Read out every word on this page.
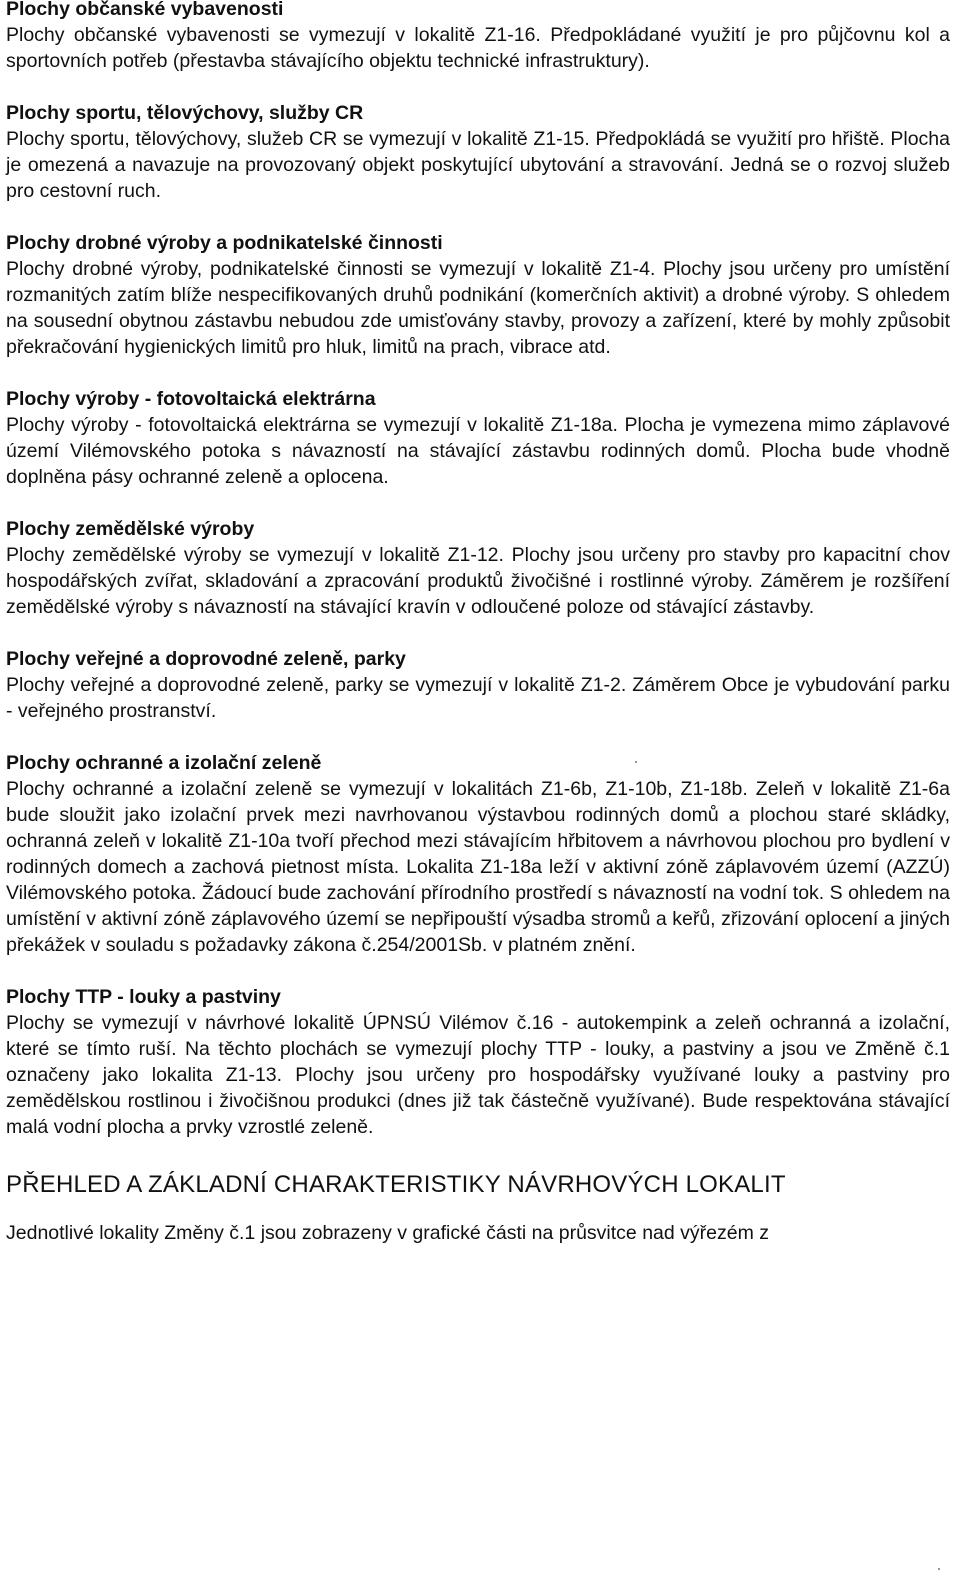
Plochy občanské vybavenosti

Plochy občanské vybavenosti se vymezují v lokalitě Z1-16. Předpokládané využití je pro půjčovnu kol a sportovních potřeb (přestavba stávajícího objektu technické infrastruktury).

Plochy sportu, tělovýchovy, služby CR

Plochy sportu, tělovýchovy, služeb CR se vymezují v lokalitě Z1-15. Předpokládá se využití pro hřiště. Plocha je omezená a navazuje na provozovaný objekt poskytující ubytování a stravování. Jedná se o rozvoj služeb pro cestovní ruch.

Plochy drobné výroby a podnikatelské činnosti

Plochy drobné výroby, podnikatelské činnosti se vymezují v lokalitě Z1-4. Plochy jsou určeny pro umístění rozmanitých zatím blíže nespecifikovaných druhů podnikání (komerčních aktivit) a drobné výroby. S ohledem na sousední obytnou zástavbu nebudou zde umisťovány stavby, provozy a zařízení, které by mohly způsobit překračování hygienických limitů pro hluk, limitů na prach, vibrace atd.

Plochy výroby - fotovoltaická elektrárna

Plochy výroby - fotovoltaická elektrárna se vymezují v lokalitě Z1-18a. Plocha je vymezena mimo záplavové území Vilémovského potoka s návazností na stávající zástavbu rodinných domů. Plocha bude vhodně doplněna pásy ochranné zeleně a oplocena.

Plochy zemědělské výroby

Plochy zemědělské výroby se vymezují v lokalitě Z1-12. Plochy jsou určeny pro stavby pro kapacitní chov hospodářských zvířat, skladování a zpracování produktů živočišné i rostlinné výroby. Záměrem je rozšíření zemědělské výroby s návazností na stávající kravín v odloučené poloze od stávající zástavby.

Plochy veřejné a doprovodné zeleně, parky

Plochy veřejné a doprovodné zeleně, parky se vymezují v lokalitě Z1-2. Záměrem Obce je vybudování parku - veřejného prostranství.

Plochy ochranné a izolační zeleně

Plochy ochranné a izolační zeleně se vymezují v lokalitách Z1-6b, Z1-10b, Z1-18b. Zeleň v lokalitě Z1-6a bude sloužit jako izolační prvek mezi navrhovanou výstavbou rodinných domů a plochou staré skládky, ochranná zeleň v lokalitě Z1-10a tvoří přechod mezi stávajícím hřbitovem a návrhovou plochou pro bydlení v rodinných domech a zachová pietnost místa. Lokalita Z1-18a leží v aktivní zóně záplavovém území (AZZÚ) Vilémovského potoka. Žádoucí bude zachování přírodního prostředí s návazností na vodní tok. S ohledem na umístění v aktivní zóně záplavového území se nepřipouští výsadba stromů a keřů, zřizování oplocení a jiných překážek v souladu s požadavky zákona č.254/2001Sb. v platném znění.

Plochy TTP - louky a pastviny

Plochy se vymezují v návrhové lokalitě ÚPNSÚ Vilémov č.16 - autokempink a zeleň ochranná a izolační, které se tímto ruší. Na těchto plochách se vymezují plochy TTP - louky, a pastviny a jsou ve Změně č.1 označeny jako lokalita Z1-13. Plochy jsou určeny pro hospodářsky využívané louky a pastviny pro zemědělskou rostlinou i živočišnou produkci (dnes již tak částečně využívané). Bude respektována stávající malá vodní plocha a prvky vzrostlé zeleně.

PŘEHLED A ZÁKLADNÍ CHARAKTERISTIKY NÁVRHOVÝCH LOKALIT

Jednotlivé lokality Změny č.1 jsou zobrazeny v grafické části na průsvitce nad výřezém z
